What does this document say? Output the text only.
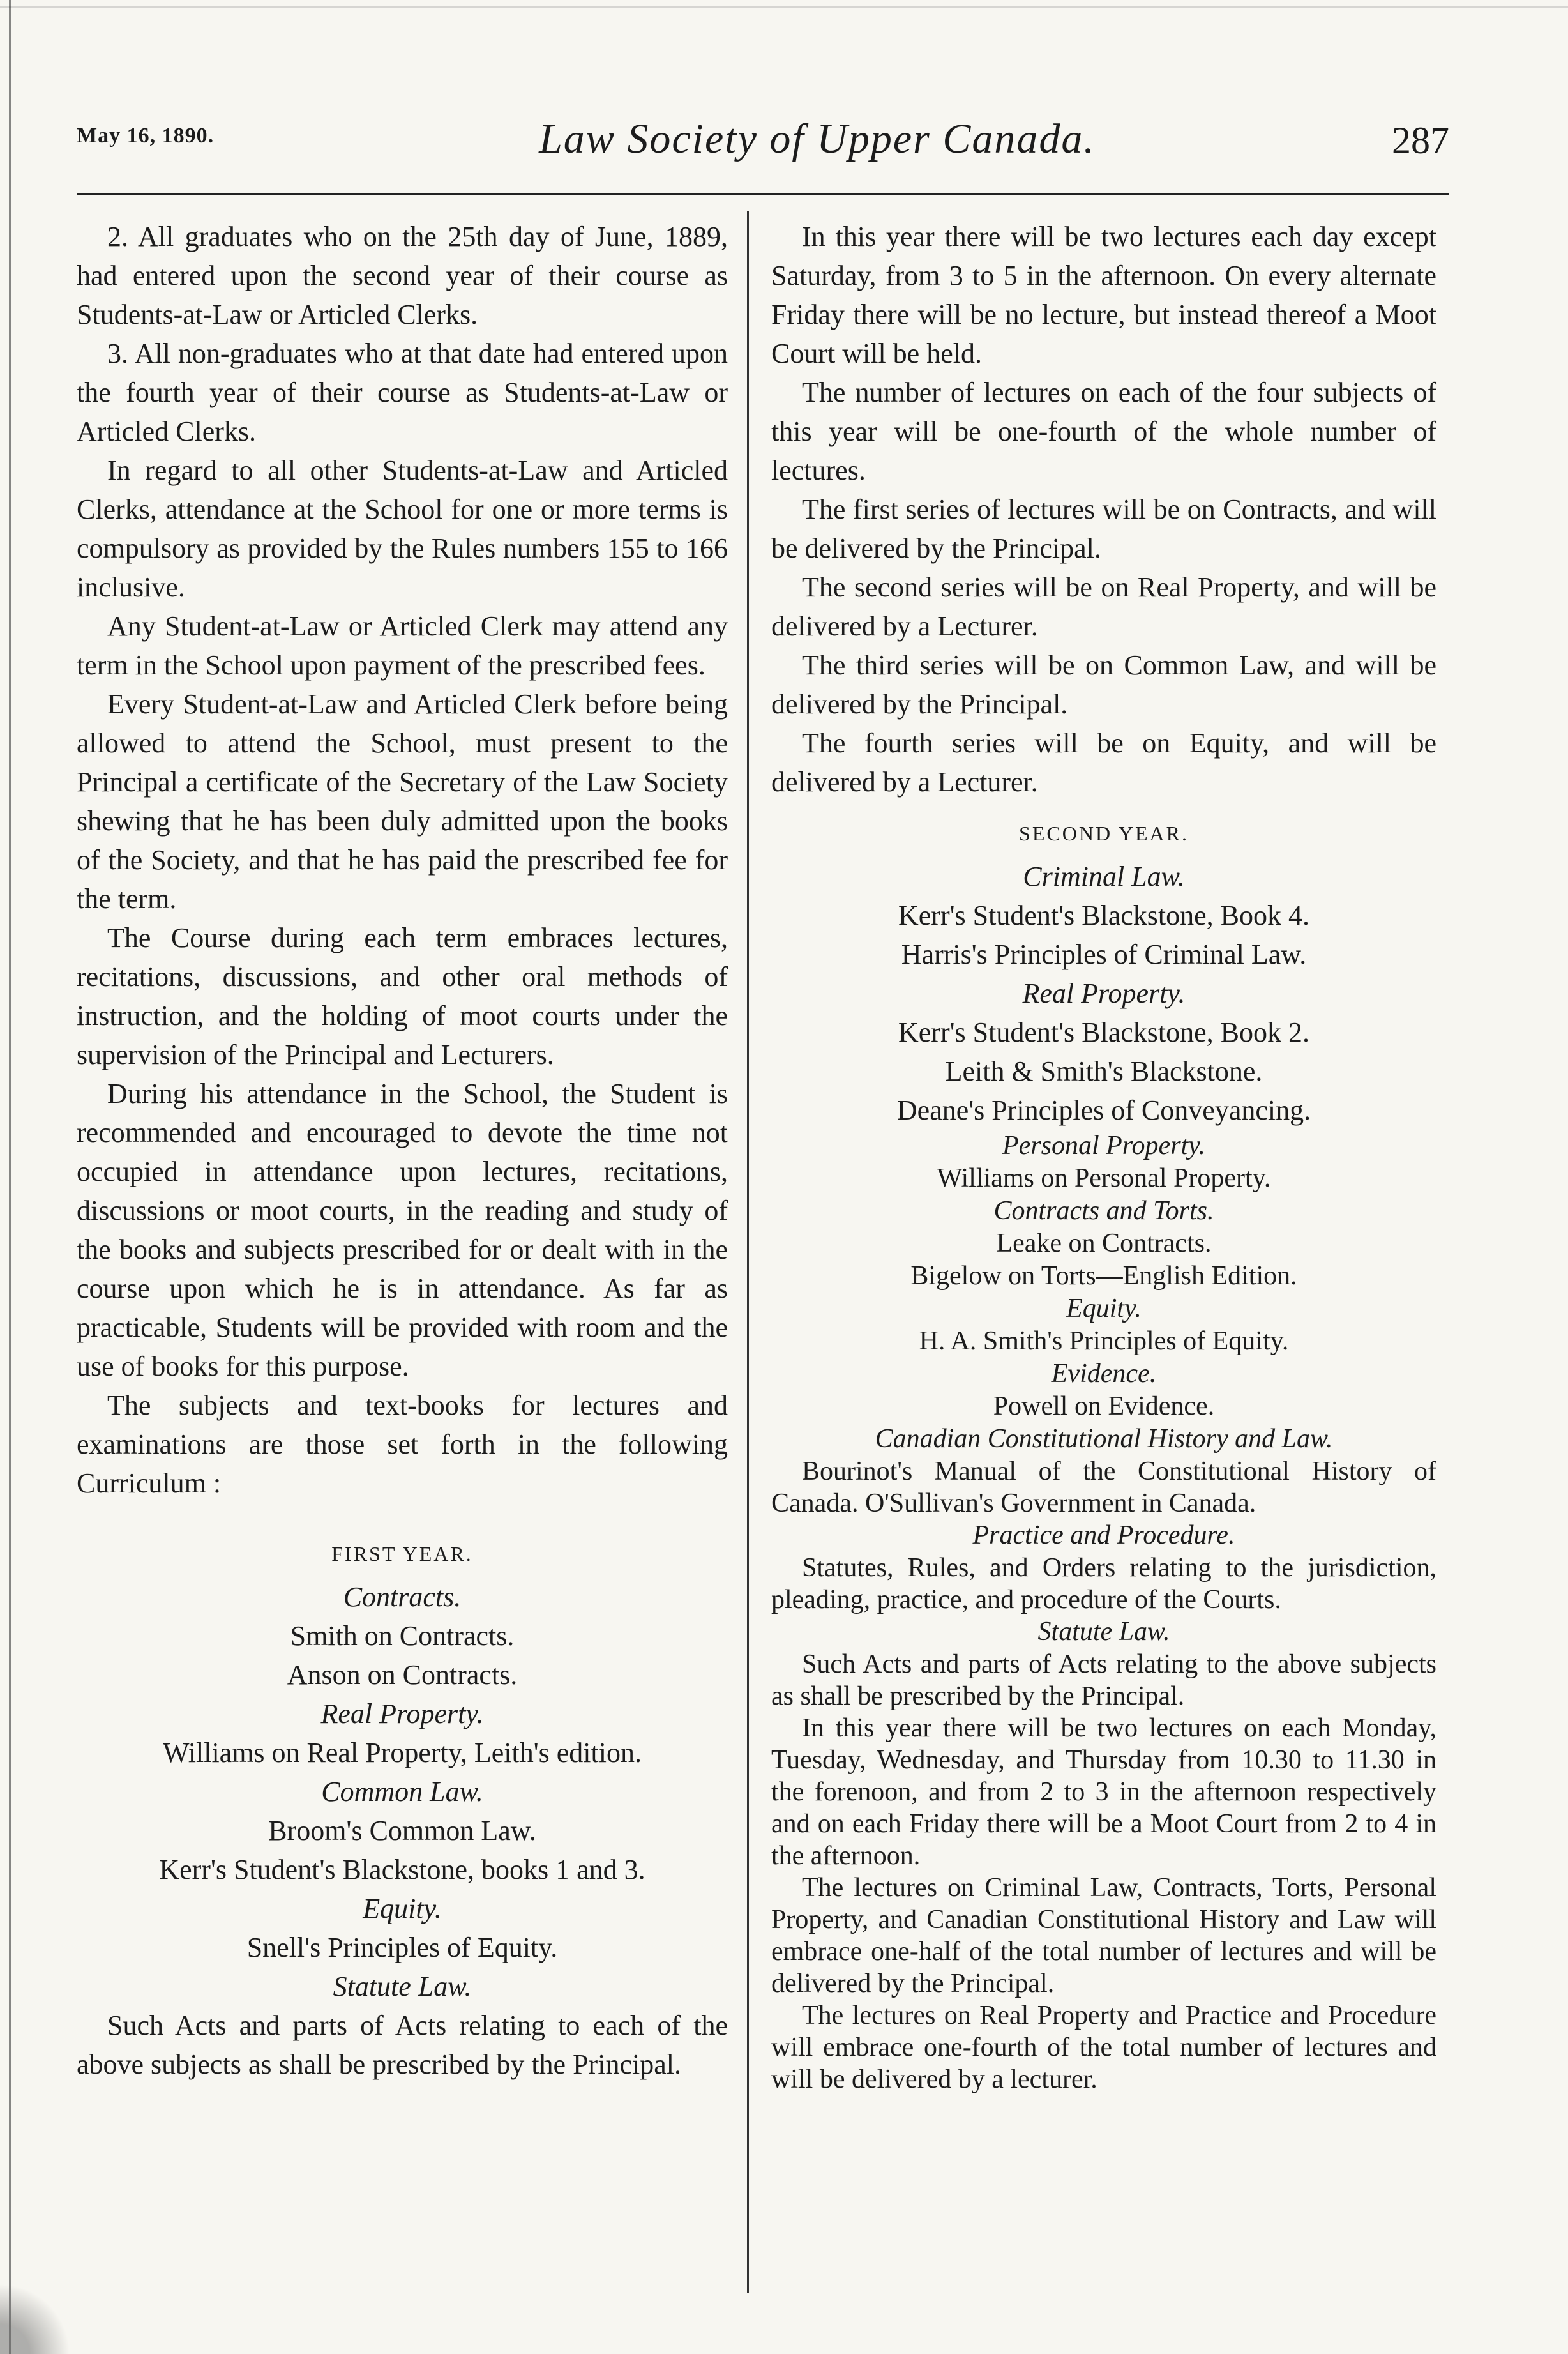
May 16, 1890.	Law Society of Upper Canada.	287

2. All graduates who on the 25th day of June, 1889, had entered upon the second year of their course as Students-at-Law or Articled Clerks.

3. All non-graduates who at that date had entered upon the fourth year of their course as Students-at-Law or Articled Clerks.

In regard to all other Students-at-Law and Articled Clerks, attendance at the School for one or more terms is compulsory as provided by the Rules numbers 155 to 166 inclusive.

Any Student-at-Law or Articled Clerk may attend any term in the School upon payment of the prescribed fees.

Every Student-at-Law and Articled Clerk before being allowed to attend the School, must present to the Principal a certificate of the Secretary of the Law Society shewing that he has been duly admitted upon the books of the Society, and that he has paid the prescribed fee for the term.

The Course during each term embraces lectures, recitations, discussions, and other oral methods of instruction, and the holding of moot courts under the supervision of the Principal and Lecturers.

During his attendance in the School, the Student is recommended and encouraged to devote the time not occupied in attendance upon lectures, recitations, discussions or moot courts, in the reading and study of the books and subjects prescribed for or dealt with in the course upon which he is in attendance. As far as practicable, Students will be provided with room and the use of books for this purpose.

The subjects and text-books for lectures and examinations are those set forth in the following Curriculum :

FIRST YEAR.
Contracts.
Smith on Contracts.
Anson on Contracts.
Real Property.
Williams on Real Property, Leith's edition.
Common Law.
Broom's Common Law.
Kerr's Student's Blackstone, books 1 and 3.
Equity.
Snell's Principles of Equity.
Statute Law.

Such Acts and parts of Acts relating to each of the above subjects as shall be prescribed by the Principal.

In this year there will be two lectures each day except Saturday, from 3 to 5 in the afternoon. On every alternate Friday there will be no lecture, but instead thereof a Moot Court will be held.

The number of lectures on each of the four subjects of this year will be one-fourth of the whole number of lectures.

The first series of lectures will be on Contracts, and will be delivered by the Principal.

The second series will be on Real Property, and will be delivered by a Lecturer.

The third series will be on Common Law, and will be delivered by the Principal.

The fourth series will be on Equity, and will be delivered by a Lecturer.

SECOND YEAR.
Criminal Law.
Kerr's Student's Blackstone, Book 4.
Harris's Principles of Criminal Law.
Real Property.
Kerr's Student's Blackstone, Book 2.
Leith & Smith's Blackstone.
Deane's Principles of Conveyancing.
Personal Property.
Williams on Personal Property.
Contracts and Torts.
Leake on Contracts.
Bigelow on Torts—English Edition.
Equity.
H. A. Smith's Principles of Equity.
Evidence.
Powell on Evidence.
Canadian Constitutional History and Law.

Bourinot's Manual of the Constitutional History of Canada. O'Sullivan's Government in Canada.

Practice and Procedure.

Statutes, Rules, and Orders relating to the jurisdiction, pleading, practice, and procedure of the Courts.

Statute Law.

Such Acts and parts of Acts relating to the above subjects as shall be prescribed by the Principal.

In this year there will be two lectures on each Monday, Tuesday, Wednesday, and Thursday from 10.30 to 11.30 in the forenoon, and from 2 to 3 in the afternoon respectively and on each Friday there will be a Moot Court from 2 to 4 in the afternoon.

The lectures on Criminal Law, Contracts, Torts, Personal Property, and Canadian Constitutional History and Law will embrace one-half of the total number of lectures and will be delivered by the Principal.

The lectures on Real Property and Practice and Procedure will embrace one-fourth of the total number of lectures and will be delivered by a lecturer.
